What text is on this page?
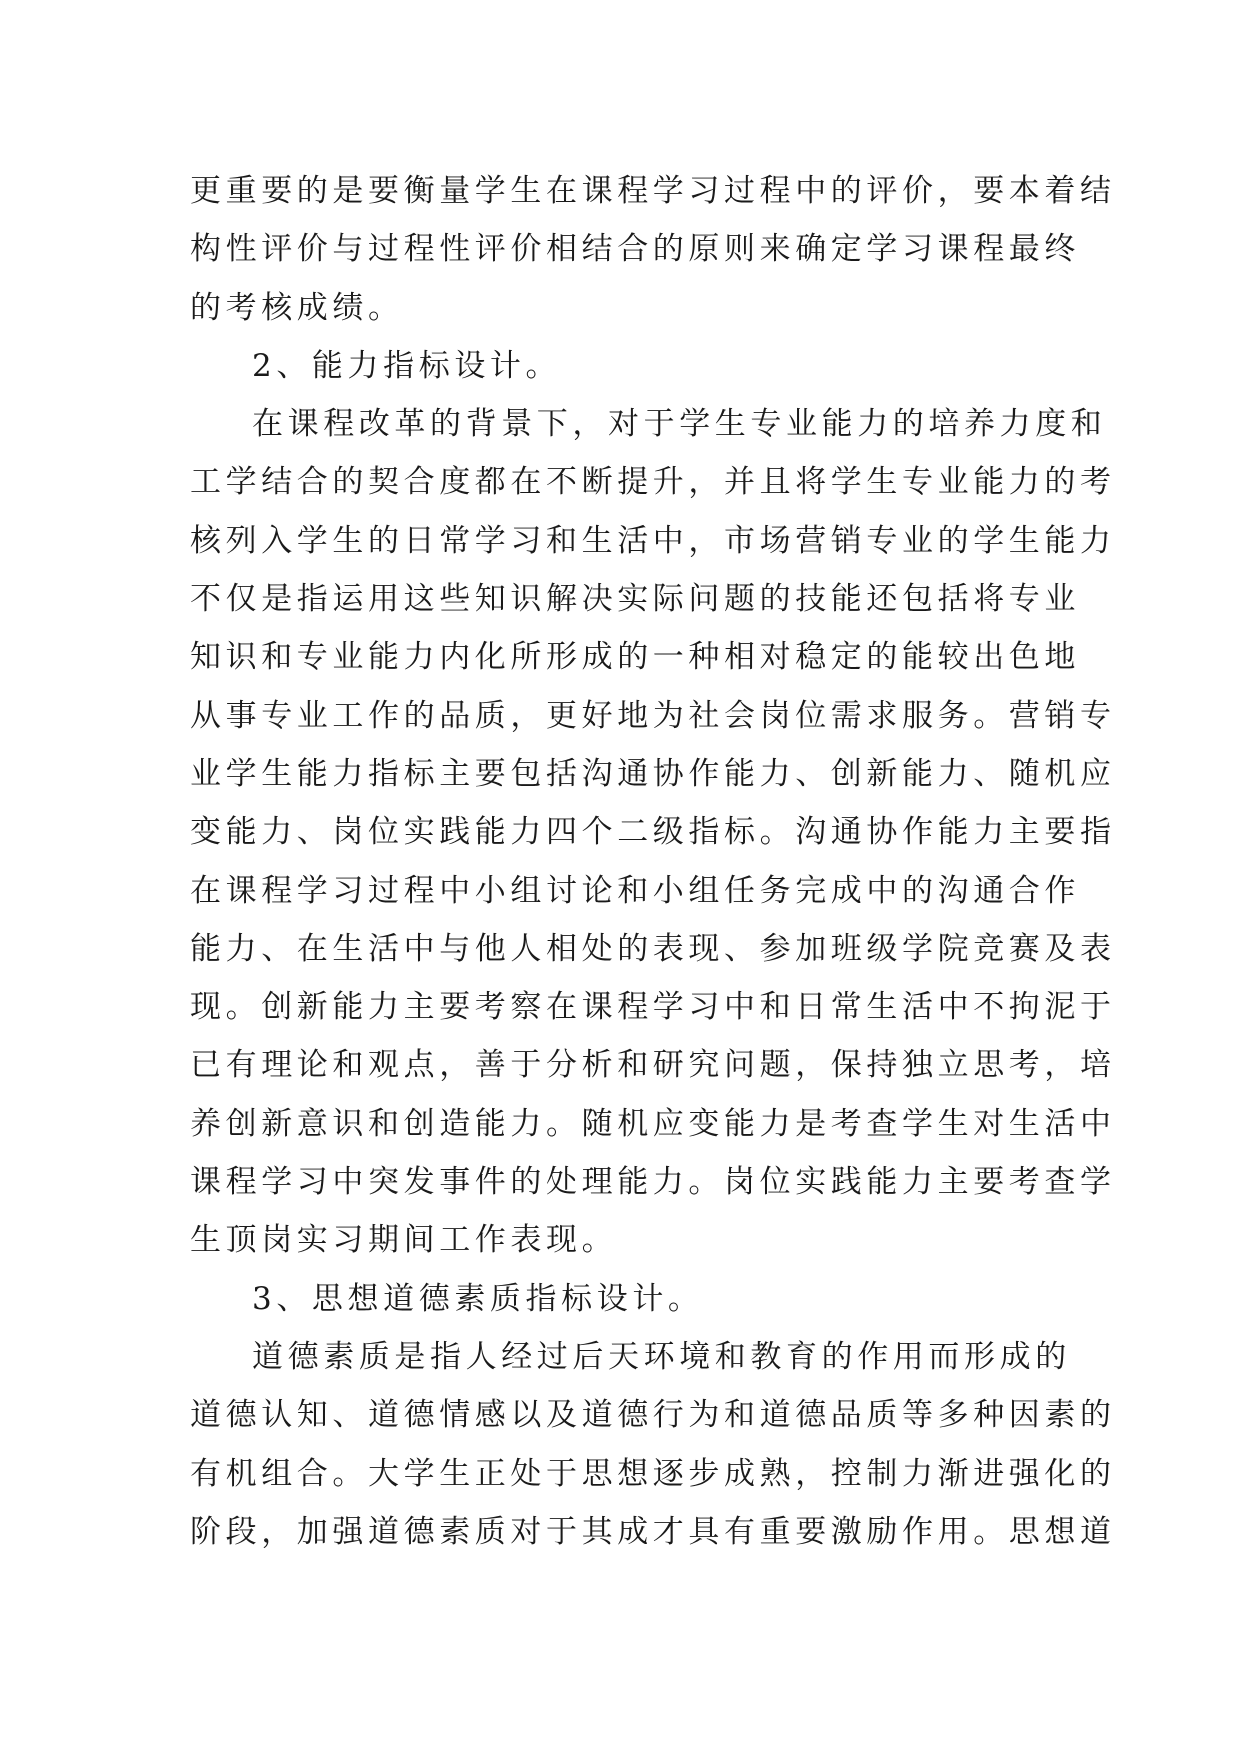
更重要的是要衡量学生在课程学习过程中的评价，要本着结
构性评价与过程性评价相结合的原则来确定学习课程最终
的考核成绩。
2、能力指标设计。
在课程改革的背景下，对于学生专业能力的培养力度和
工学结合的契合度都在不断提升，并且将学生专业能力的考
核列入学生的日常学习和生活中，市场营销专业的学生能力
不仅是指运用这些知识解决实际问题的技能还包括将专业
知识和专业能力内化所形成的一种相对稳定的能较出色地
从事专业工作的品质，更好地为社会岗位需求服务。营销专
业学生能力指标主要包括沟通协作能力、创新能力、随机应
变能力、岗位实践能力四个二级指标。沟通协作能力主要指
在课程学习过程中小组讨论和小组任务完成中的沟通合作
能力、在生活中与他人相处的表现、参加班级学院竞赛及表
现。创新能力主要考察在课程学习中和日常生活中不拘泥于
已有理论和观点，善于分析和研究问题，保持独立思考，培
养创新意识和创造能力。随机应变能力是考查学生对生活中
课程学习中突发事件的处理能力。岗位实践能力主要考查学
生顶岗实习期间工作表现。
3、思想道德素质指标设计。
道德素质是指人经过后天环境和教育的作用而形成的
道德认知、道德情感以及道德行为和道德品质等多种因素的
有机组合。大学生正处于思想逐步成熟，控制力渐进强化的
阶段，加强道德素质对于其成才具有重要激励作用。思想道
